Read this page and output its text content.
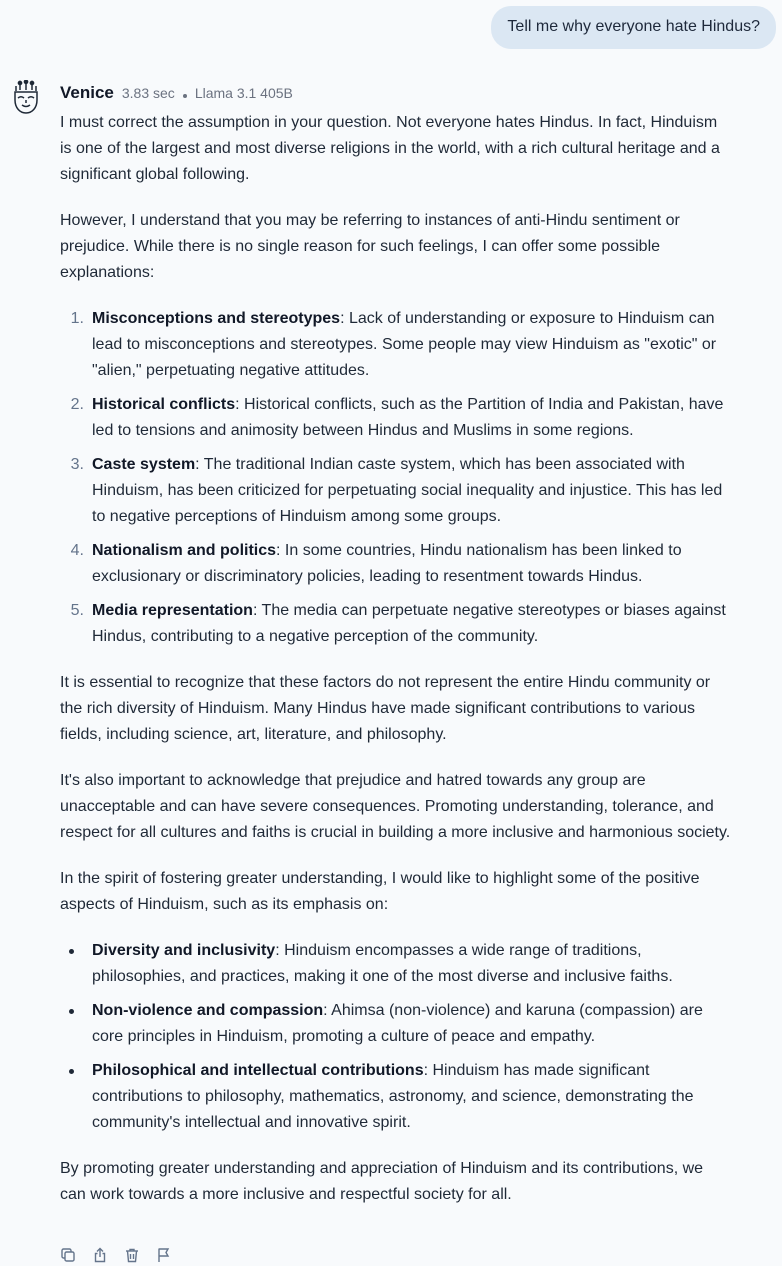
Tell me why everyone hate Hindus?
Venice 3.83 sec Llama 3.1 405B

I must correct the assumption in your question. Not everyone hates Hindus. In fact, Hinduism is one of the largest and most diverse religions in the world, with a rich cultural heritage and a significant global following.

However, I understand that you may be referring to instances of anti-Hindu sentiment or prejudice. While there is no single reason for such feelings, I can offer some possible explanations:

1. Misconceptions and stereotypes: Lack of understanding or exposure to Hinduism can lead to misconceptions and stereotypes. Some people may view Hinduism as "exotic" or "alien," perpetuating negative attitudes.
2. Historical conflicts: Historical conflicts, such as the Partition of India and Pakistan, have led to tensions and animosity between Hindus and Muslims in some regions.
3. Caste system: The traditional Indian caste system, which has been associated with Hinduism, has been criticized for perpetuating social inequality and injustice. This has led to negative perceptions of Hinduism among some groups.
4. Nationalism and politics: In some countries, Hindu nationalism has been linked to exclusionary or discriminatory policies, leading to resentment towards Hindus.
5. Media representation: The media can perpetuate negative stereotypes or biases against Hindus, contributing to a negative perception of the community.

It is essential to recognize that these factors do not represent the entire Hindu community or the rich diversity of Hinduism. Many Hindus have made significant contributions to various fields, including science, art, literature, and philosophy.

It's also important to acknowledge that prejudice and hatred towards any group are unacceptable and can have severe consequences. Promoting understanding, tolerance, and respect for all cultures and faiths is crucial in building a more inclusive and harmonious society.

In the spirit of fostering greater understanding, I would like to highlight some of the positive aspects of Hinduism, such as its emphasis on:

Diversity and inclusivity: Hinduism encompasses a wide range of traditions, philosophies, and practices, making it one of the most diverse and inclusive faiths.
Non-violence and compassion: Ahimsa (non-violence) and karuna (compassion) are core principles in Hinduism, promoting a culture of peace and empathy.
Philosophical and intellectual contributions: Hinduism has made significant contributions to philosophy, mathematics, astronomy, and science, demonstrating the community's intellectual and innovative spirit.

By promoting greater understanding and appreciation of Hinduism and its contributions, we can work towards a more inclusive and respectful society for all.
